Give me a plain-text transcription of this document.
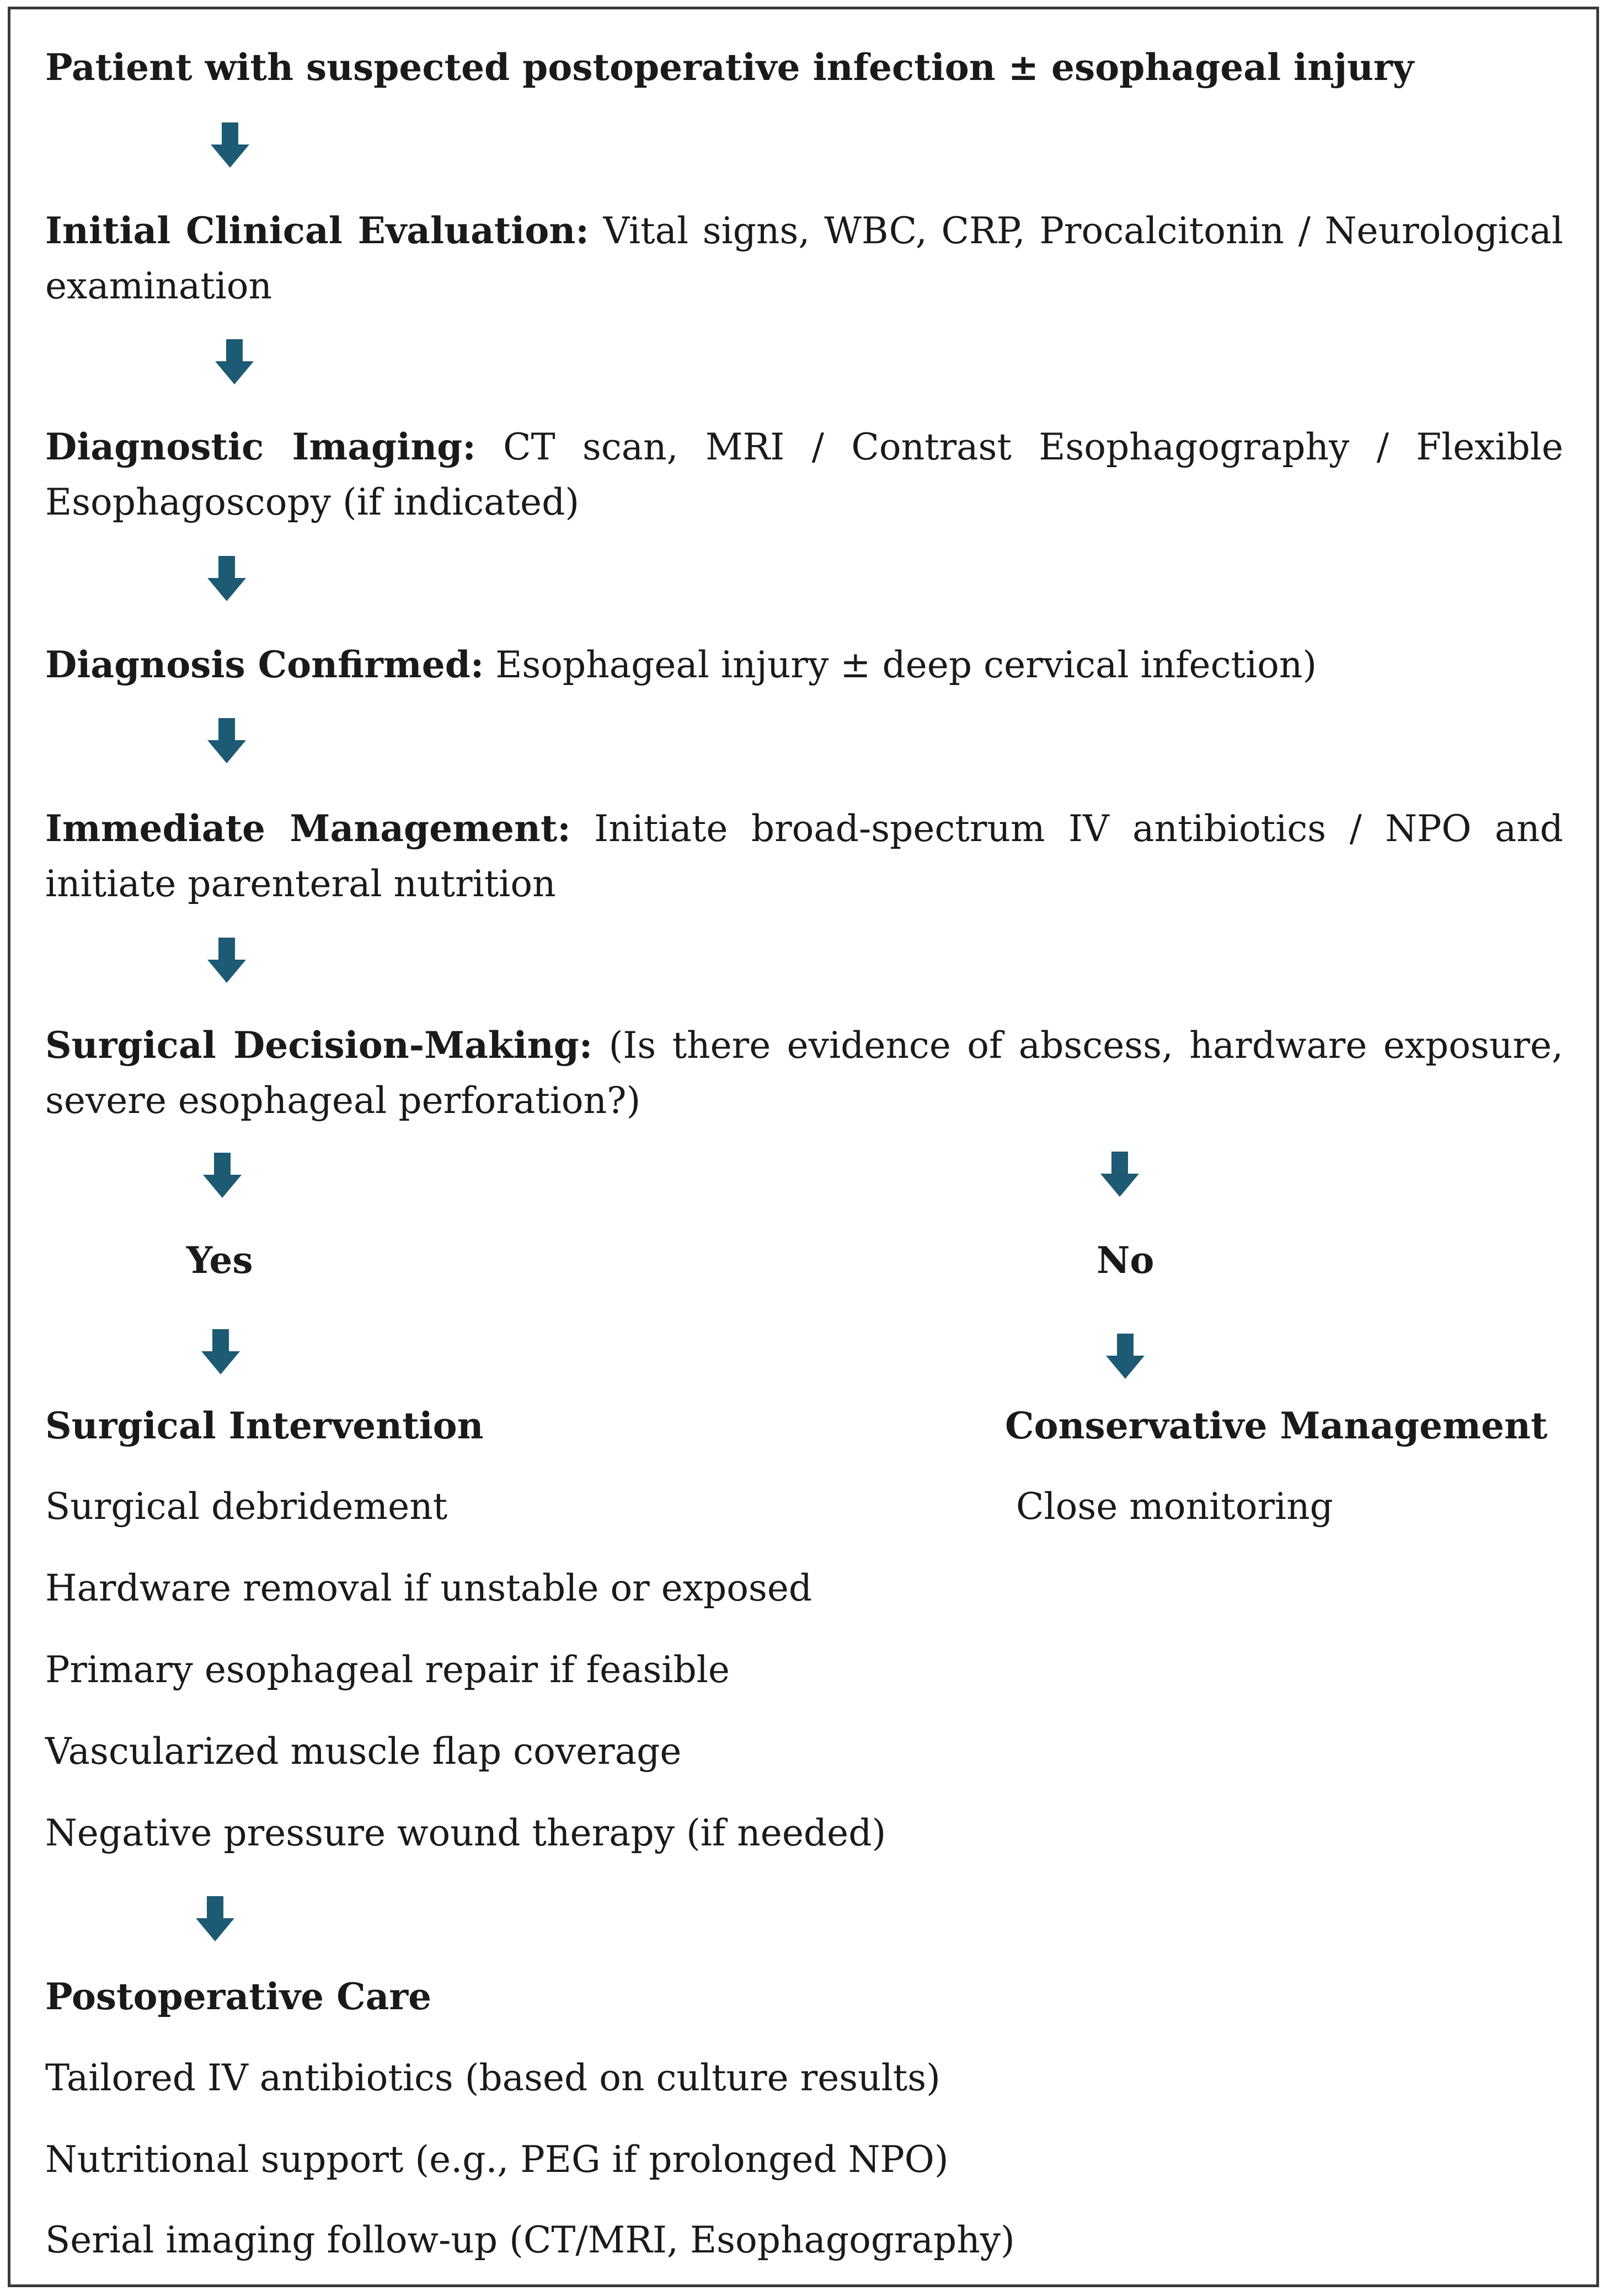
Patient with suspected postoperative infection ± esophageal injury
Initial Clinical Evaluation: Vital signs, WBC, CRP, Procalcitonin / Neurological examination
Diagnostic Imaging: CT scan, MRI / Contrast Esophagography / Flexible Esophagoscopy (if indicated)
Diagnosis Confirmed: Esophageal injury ± deep cervical infection)
Immediate Management: Initiate broad-spectrum IV antibiotics / NPO and initiate parenteral nutrition
Surgical Decision-Making: (Is there evidence of abscess, hardware exposure, severe esophageal perforation?)
Yes	No
Surgical Intervention
Surgical debridement
Hardware removal if unstable or exposed
Primary esophageal repair if feasible
Vascularized muscle flap coverage
Negative pressure wound therapy (if needed)
Conservative Management
Close monitoring
Postoperative Care
Tailored IV antibiotics (based on culture results)
Nutritional support (e.g., PEG if prolonged NPO)
Serial imaging follow-up (CT/MRI, Esophagography)
